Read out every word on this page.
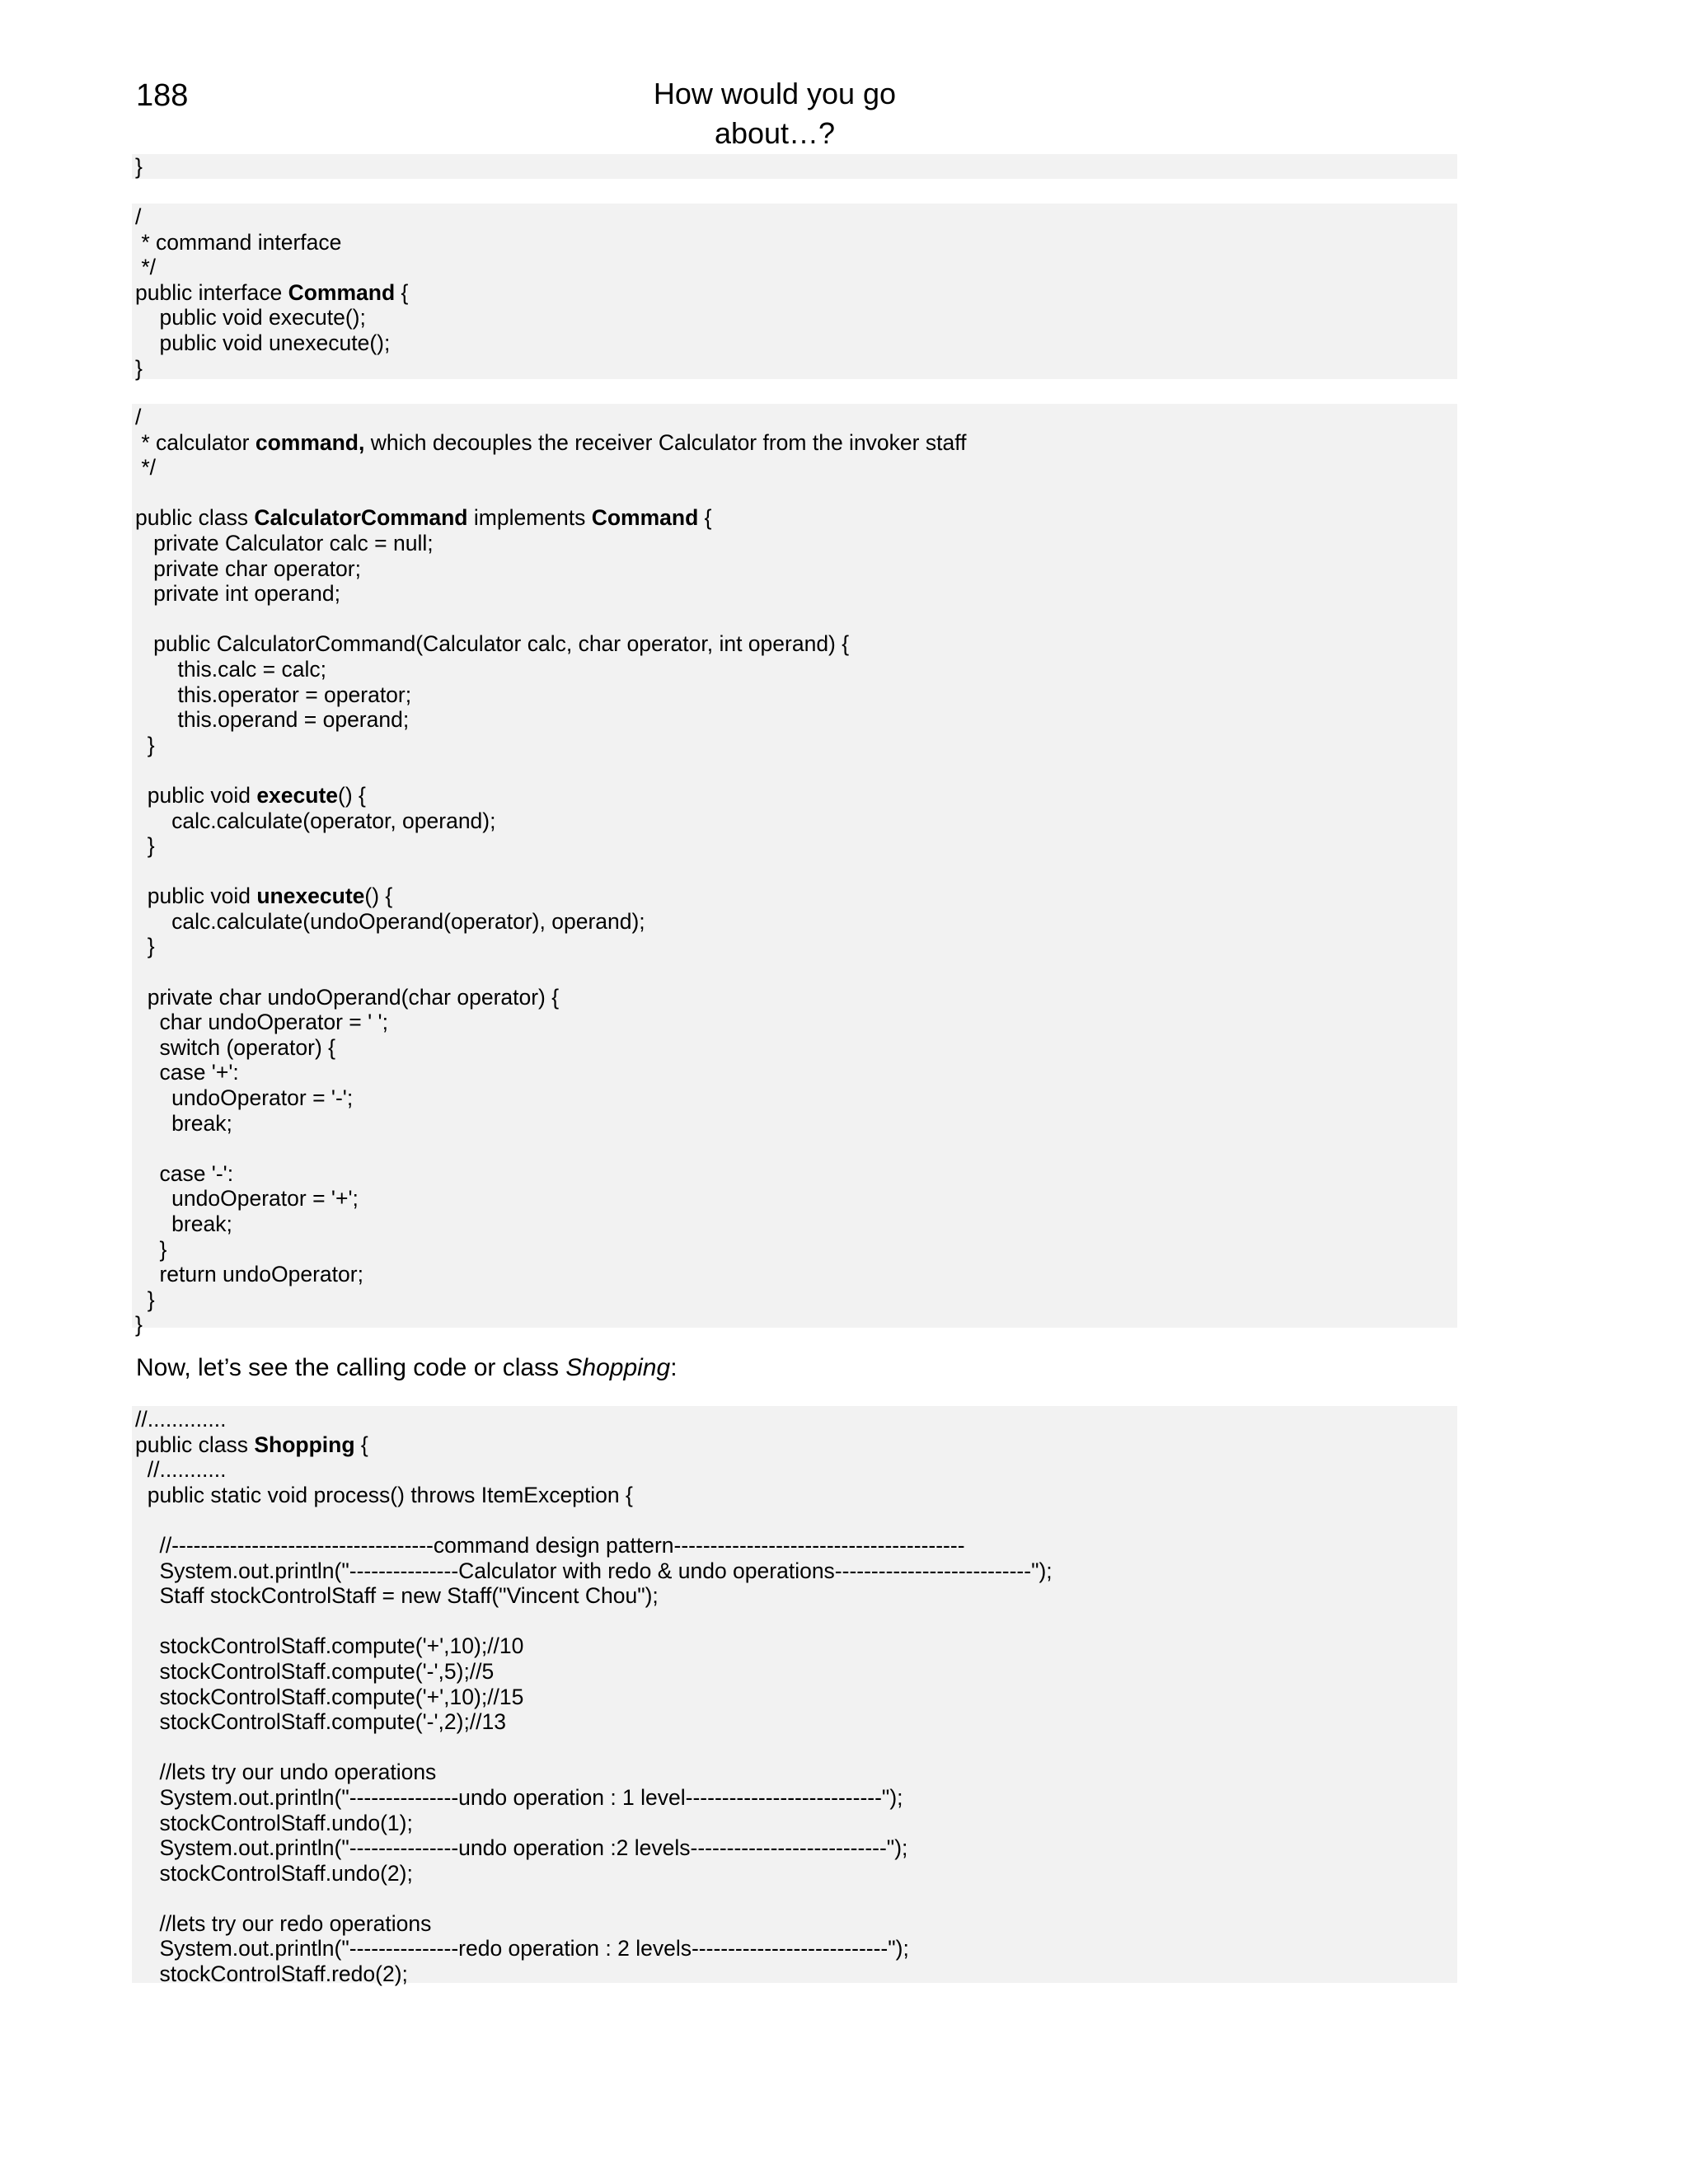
188	How would you go about…?
}
/
* command interface
*/
public interface Command {
public void execute();
public void unexecute();
}
/
* calculator command, which decouples the receiver Calculator from the invoker staff
*/

public class CalculatorCommand implements Command {
private Calculator calc = null;
private char operator;
private int operand;

public CalculatorCommand(Calculator calc, char operator, int operand) {
this.calc = calc;
this.operator = operator;
this.operand = operand;
}

public void execute() {
calc.calculate(operator, operand);
}

public void unexecute() {
calc.calculate(undoOperand(operator), operand);
}

private char undoOperand(char operator) {
char undoOperator = ' ';
switch (operator) {
case '+':
undoOperator = '-';
break;

case '-':
undoOperator = '+';
break;
}
return undoOperator;
}
}

Now, let’s see the calling code or class Shopping:

//.............
public class Shopping {
//...........
public static void process() throws ItemException {

//------------------------------------command design pattern----------------------------------------
System.out.println("---------------Calculator with redo & undo operations---------------------------");
Staff stockControlStaff = new Staff("Vincent Chou");

stockControlStaff.compute('+',10);//10
stockControlStaff.compute('-',5);//5
stockControlStaff.compute('+',10);//15
stockControlStaff.compute('-',2);//13

//lets try our undo operations
System.out.println("---------------undo operation : 1 level---------------------------");
stockControlStaff.undo(1);
System.out.println("---------------undo operation :2 levels---------------------------");
stockControlStaff.undo(2);

//lets try our redo operations
System.out.println("---------------redo operation : 2 levels---------------------------");
stockControlStaff.redo(2);
